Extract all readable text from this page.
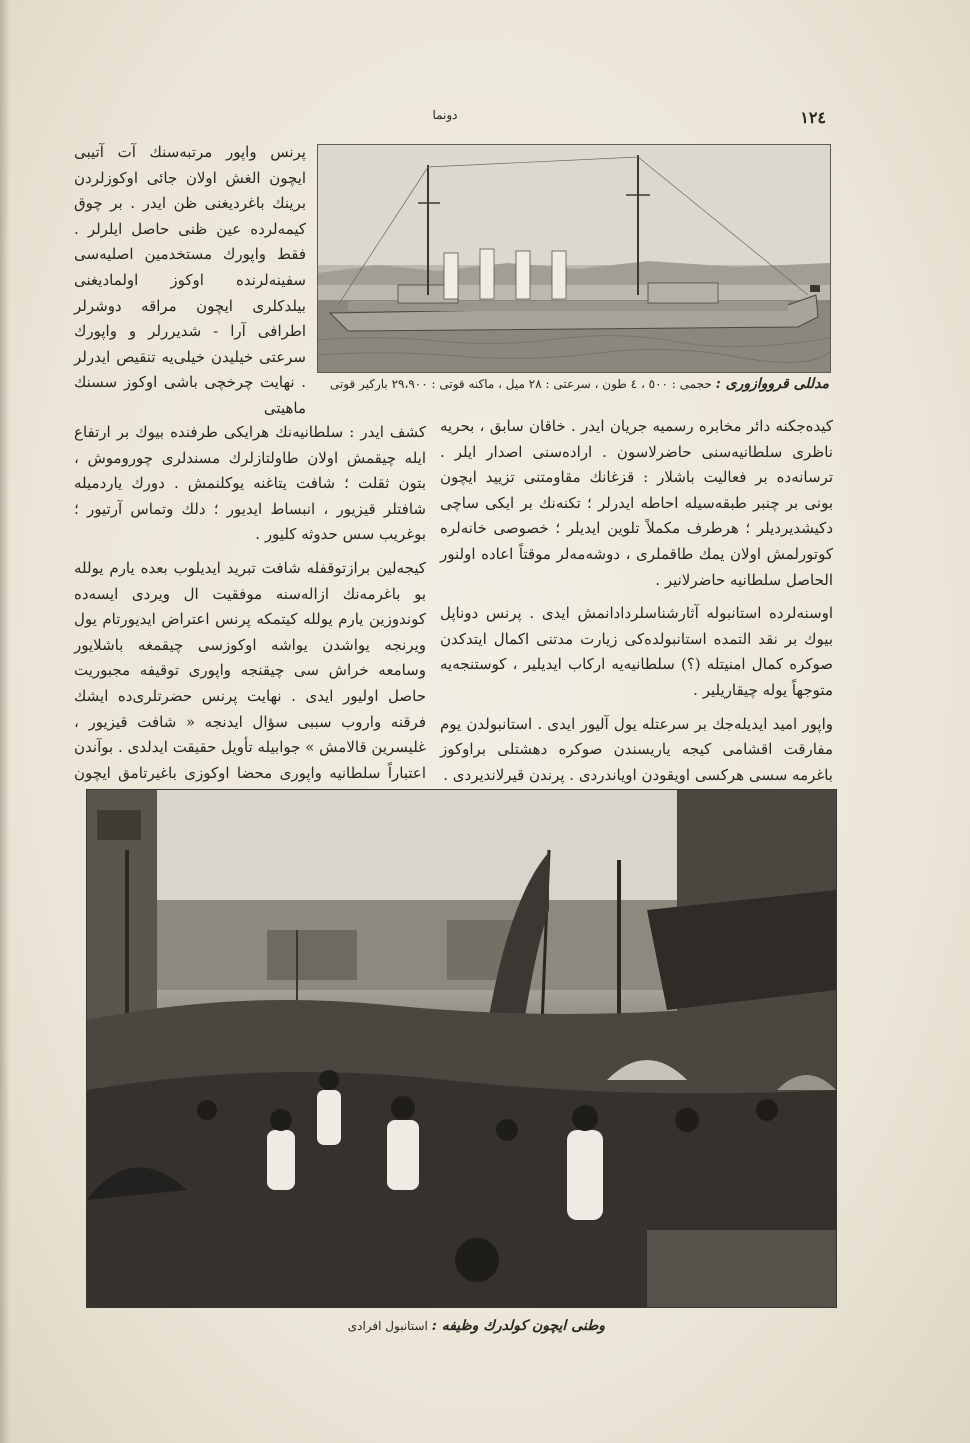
دونما	١٢٤
مدللی قرووازوری : حجمی : ٥٠٠ ، ٤ طون ، سرعتی : ٢٨ میل ، ماكنه قوتی : ٢٩،٩٠٠ باركیر قوتی

پرنس واپور مرتبه‌سنك آت آتیبی ایچون الغش اولان جائی اوكوزلردن برینك باغردیغنی ظن ایدر . بر چوق كیمه‌لرده عین ظنی حاصل ایلرلر . فقط واپورك مستخدمین اصلیه‌سی سفینه‌لرنده اوكوز اولمادیغنی بیلدكلری ایچون مراقه دوشرلر اطرافی آرا - شدیررلر و واپورك سرعتی خیلیدن خیلی‌یه تنقیص ایدرلر . نهایت چرخچی باشی اوكوز سسنك ماهیتی

كشف ایدر : سلطانیه‌نك هرایكی طرفنده بیوك بر ارتفاع ایله چیقمش اولان طاولتازلرك مسندلری چوروموش ، بتون ثقلت ؛ شافت یتاغنه یوكلنمش . دورك یاردمیله شافتلر قیزیور ، انبساط ایدیور ؛ دلك وتماس آرتیور ؛ بوغریب سس حدوثه كلیور .

كیجه‌لین برازتوقفله شافت تبرید ایدیلوب بعده یارم یولله بو باغرمه‌نك ازاله‌سنه موفقیت ال ویردی ایسه‌ده كوندوزین یارم یولله كیتمكه پرنس اعتراض ایدیورتام یول ویرنجه یواشدن یواشه اوكوزسی چیقمغه باشلایور وسامعه خراش سی چیقنجه واپوری توقیفه مجبوریت حاصل اولیور ایدی . نهایت پرنس حضرتلری‌ده ایشك فرقنه واروب سببی سؤال ایدنجه « شافت قیزیور ، غلیسرین قالامش » جوابیله تأویل حقیقت ایدلدی . بوآندن اعتباراً سلطانیه واپوری محضا اوكوزی باغیرتامق ایچون

كیده‌جكنه دائر مخابره رسمیه جریان ایدر . خاقان سابق ، بحریه ناظری سلطانیه‌سنی حاضرلاسون . اراده‌سنی اصدار ایلر . ترسانه‌ده بر فعالیت باشلار : قزغانك مقاومتنی تزیید ایچون بونی بر چنبر طبقه‌سیله احاطه ایدرلر ؛ تكنه‌نك بر ایكی ساچی دكیشدیردیلر ؛ هرطرف مكملاً تلوین ایدیلر ؛ خصوصی خانه‌لره كوتورلمش اولان یمك طاقملری ، دوشه‌مه‌لر موقتاً اعاده اولنور الحاصل سلطانیه حاضرلانیر .

اوسنه‌لرده استانبوله آثارشناسلردادانمش ایدی . پرنس دوناپل بیوك بر نقد التمده استانبولده‌كی زیارت مدتنی اكمال ایتدكدن صوكره كمال امنیتله (؟) سلطانیه‌یه اركاب ایدیلیر ، كوستنجه‌یه متوجهاً یوله چیقاریلیر .

واپور امید ایدیله‌جك بر سرعتله یول آلیور ایدی . استانبولدن یوم مفارقت اقشامی كیجه یاریسندن صوكره دهشتلی براوكوز باغرمه سسی هركسی اویقودن اویاندردی . پرندن قیرلاندیردی .

وطنی ایچون كولدرك وظیفه : استانبول افرادی
